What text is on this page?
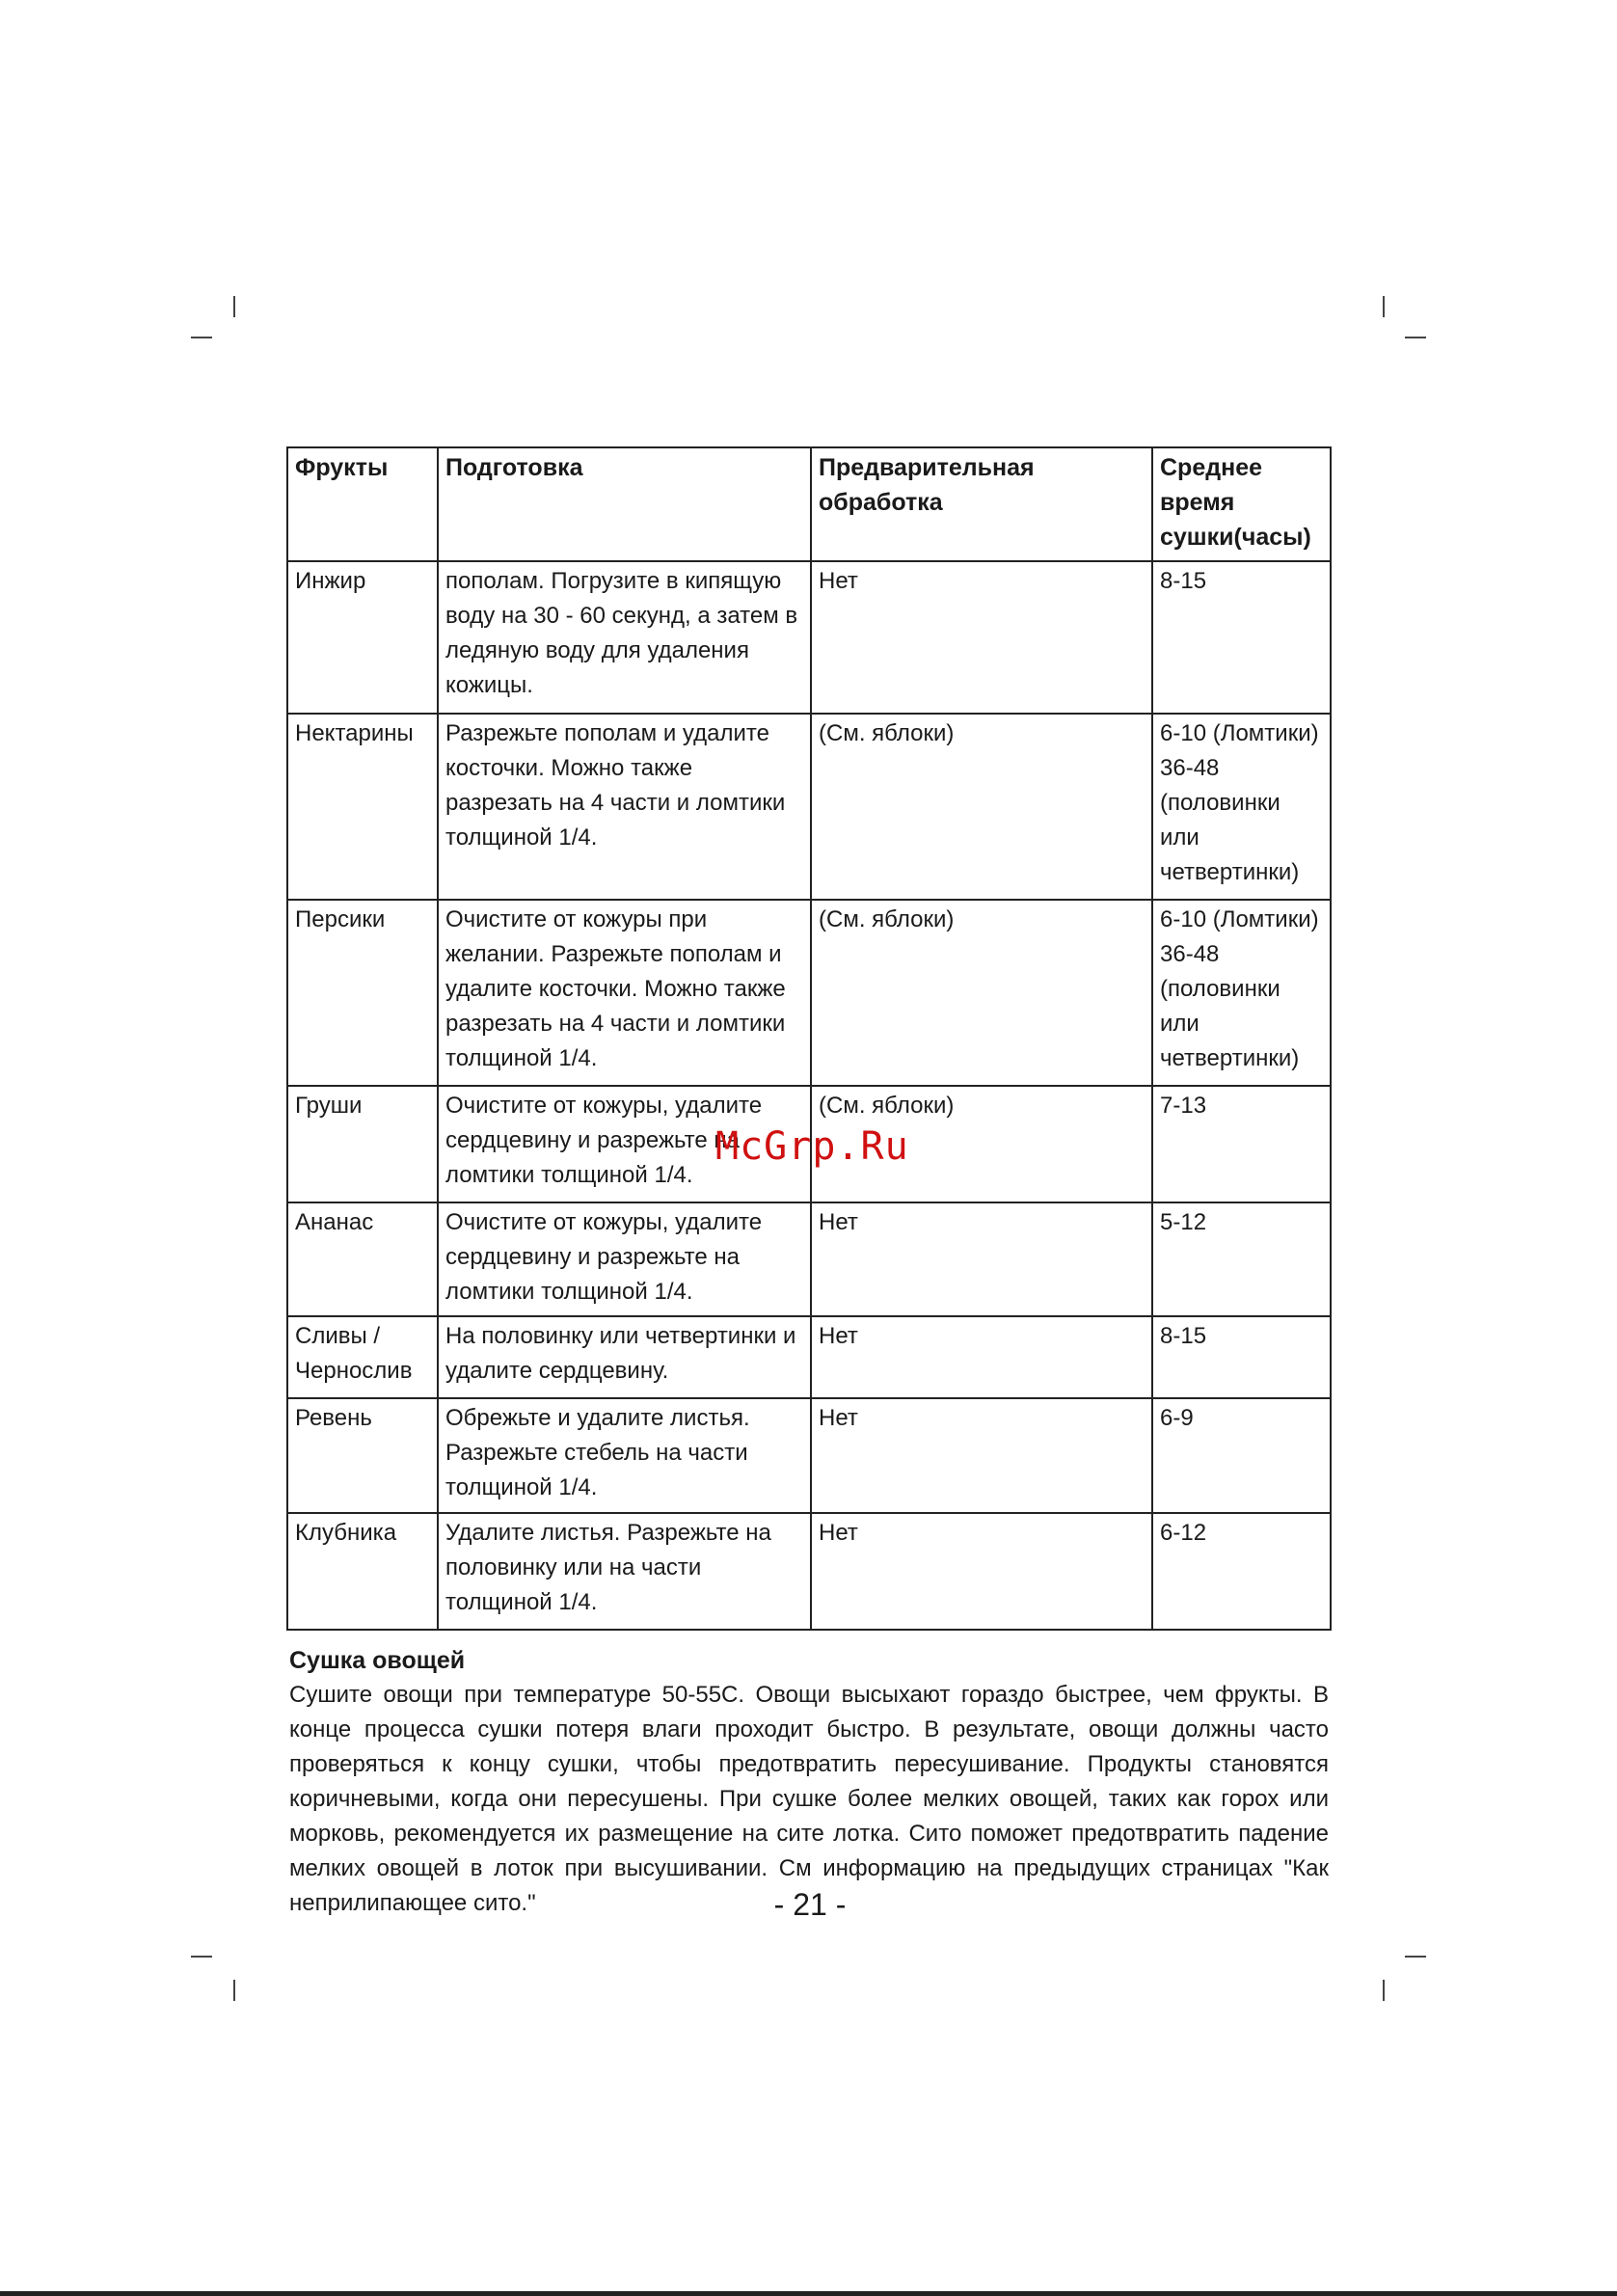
Фрукты	Подготовка	Предварительная обработка	Среднее время сушки(часы)
Инжир	пополам. Погрузите в кипящую воду на 30 - 60 секунд, а затем в ледяную воду для удаления кожицы.	Нет	8-15
Нектарины	Разрежьте пополам и удалите косточки. Можно также разрезать на 4 части и ломтики толщиной 1/4.	(См. яблоки)	6-10 (Ломтики) 36-48 (половинки или четвертинки)
Персики	Очистите от кожуры при желании. Разрежьте пополам и удалите косточки. Можно также разрезать на 4 части и ломтики толщиной 1/4.	(См. яблоки)	6-10 (Ломтики) 36-48 (половинки или четвертинки)
Груши	Очистите от кожуры, удалите сердцевину и разрежьте на ломтики толщиной 1/4.	(См. яблоки)	7-13
Ананас	Очистите от кожуры, удалите сердцевину и разрежьте на ломтики толщиной 1/4.	Нет	5-12
Сливы / Чернослив	На половинку или четвертинки и удалите сердцевину.	Нет	8-15
Ревень	Обрежьте и удалите листья. Разрежьте стебель на части толщиной 1/4.	Нет	6-9
Клубника	Удалите листья. Разрежьте на половинку или на части толщиной 1/4.	Нет	6-12
McGrp.Ru
Сушка овощей

Сушите овощи при температуре 50-55С. Овощи высыхают гораздо быстрее, чем фрукты. В конце процесса сушки потеря влаги проходит быстро. В результате, овощи должны часто проверяться к концу сушки, чтобы предотвратить пересушивание. Продукты становятся коричневыми, когда они пересушены. При сушке более мелких овощей, таких как горох или морковь, рекомендуется их размещение на сите лотка. Сито поможет предотвратить падение мелких овощей в лоток при высушивании. См информацию на предыдущих страницах "Как неприлипающее сито."	- 21 -
